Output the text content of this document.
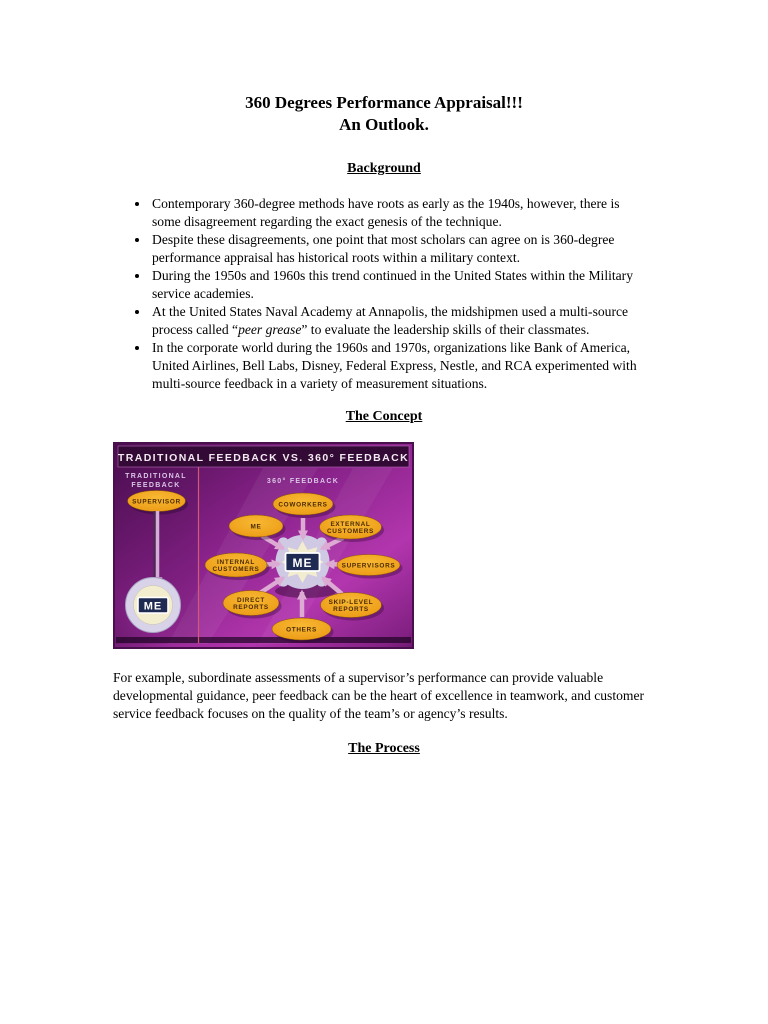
360 Degrees Performance Appraisal!!!
An Outlook.
Background
• Contemporary 360-degree methods have roots as early as the 1940s, however, there is some disagreement regarding the exact genesis of the technique.
• Despite these disagreements, one point that most scholars can agree on is 360-degree performance appraisal has historical roots within a military context.
• During the 1950s and 1960s this trend continued in the United States within the Military service academies.
• At the United States Naval Academy at Annapolis, the midshipmen used a multi-source process called “peer grease” to evaluate the leadership skills of their classmates.
• In the corporate world during the 1960s and 1970s, organizations like Bank of America, United Airlines, Bell Labs, Disney, Federal Express, Nestle, and RCA experimented with multi-source feedback in a variety of measurement situations.
The Concept
TRADITIONAL FEEDBACK VS. 360° FEEDBACK
TRADITIONAL
FEEDBACK
360° FEEDBACK
SUPERVISOR
ME
ME
COWORKERS
ME	EXTERNAL
CUSTOMERS
INTERNAL
CUSTOMERS	SUPERVISORS
DIRECT
REPORTS
SKIP-LEVEL
REPORTS
OTHERS

For example, subordinate assessments of a supervisor’s performance can provide valuable developmental guidance, peer feedback can be the heart of excellence in teamwork, and customer service feedback focuses on the quality of the team’s or agency’s results.

The Process
